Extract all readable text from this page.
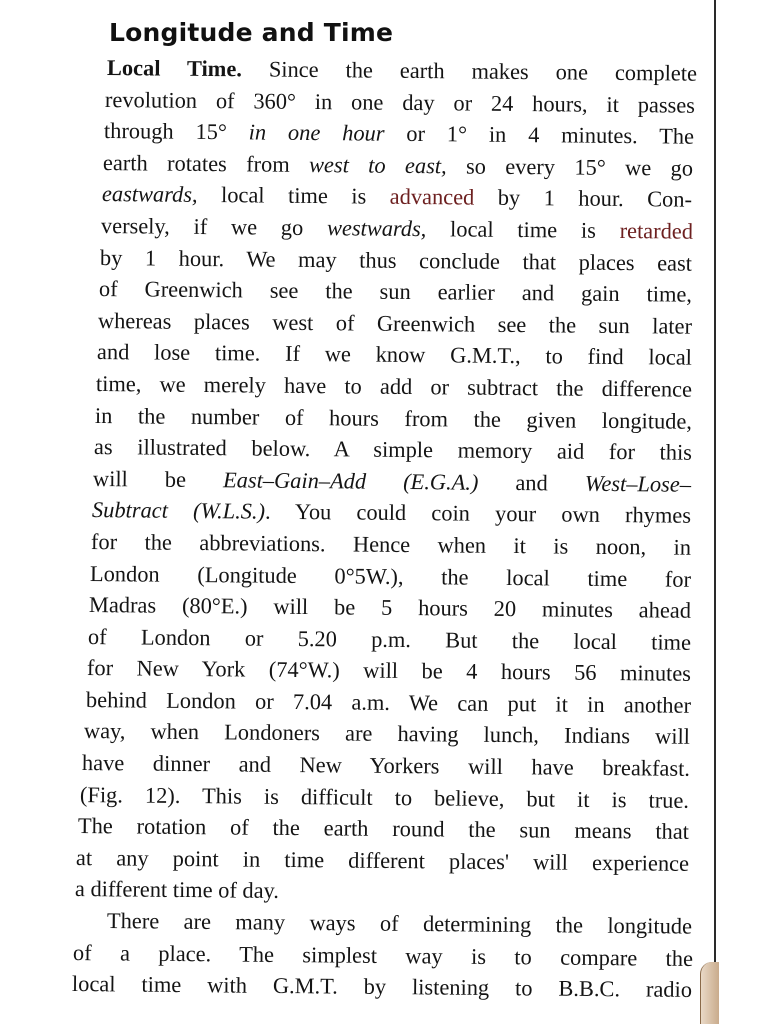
Longitude and Time
Local Time. Since the earth makes one complete
revolution of 360° in one day or 24 hours, it passes
through 15° in one hour or 1° in 4 minutes. The
earth rotates from west to east, so every 15° we go
eastwards, local time is advanced by 1 hour. Con-
versely, if we go westwards, local time is retarded
by 1 hour. We may thus conclude that places east
of Greenwich see the sun earlier and gain time,
whereas places west of Greenwich see the sun later
and lose time. If we know G.M.T., to find local
time, we merely have to add or subtract the difference
in the number of hours from the given longitude,
as illustrated below. A simple memory aid for this
will be East–Gain–Add (E.G.A.) and West–Lose–
Subtract (W.L.S.). You could coin your own rhymes
for the abbreviations. Hence when it is noon, in
London (Longitude 0°5W.), the local time for
Madras (80°E.) will be 5 hours 20 minutes ahead
of London or 5.20 p.m. But the local time
for New York (74°W.) will be 4 hours 56 minutes
behind London or 7.04 a.m. We can put it in another
way, when Londoners are having lunch, Indians will
have dinner and New Yorkers will have breakfast.
(Fig. 12). This is difficult to believe, but it is true.
The rotation of the earth round the sun means that
at any point in time different places' will experience
a different time of day.
There are many ways of determining the longitude
of a place. The simplest way is to compare the
local time with G.M.T. by listening to B.B.C. radio
